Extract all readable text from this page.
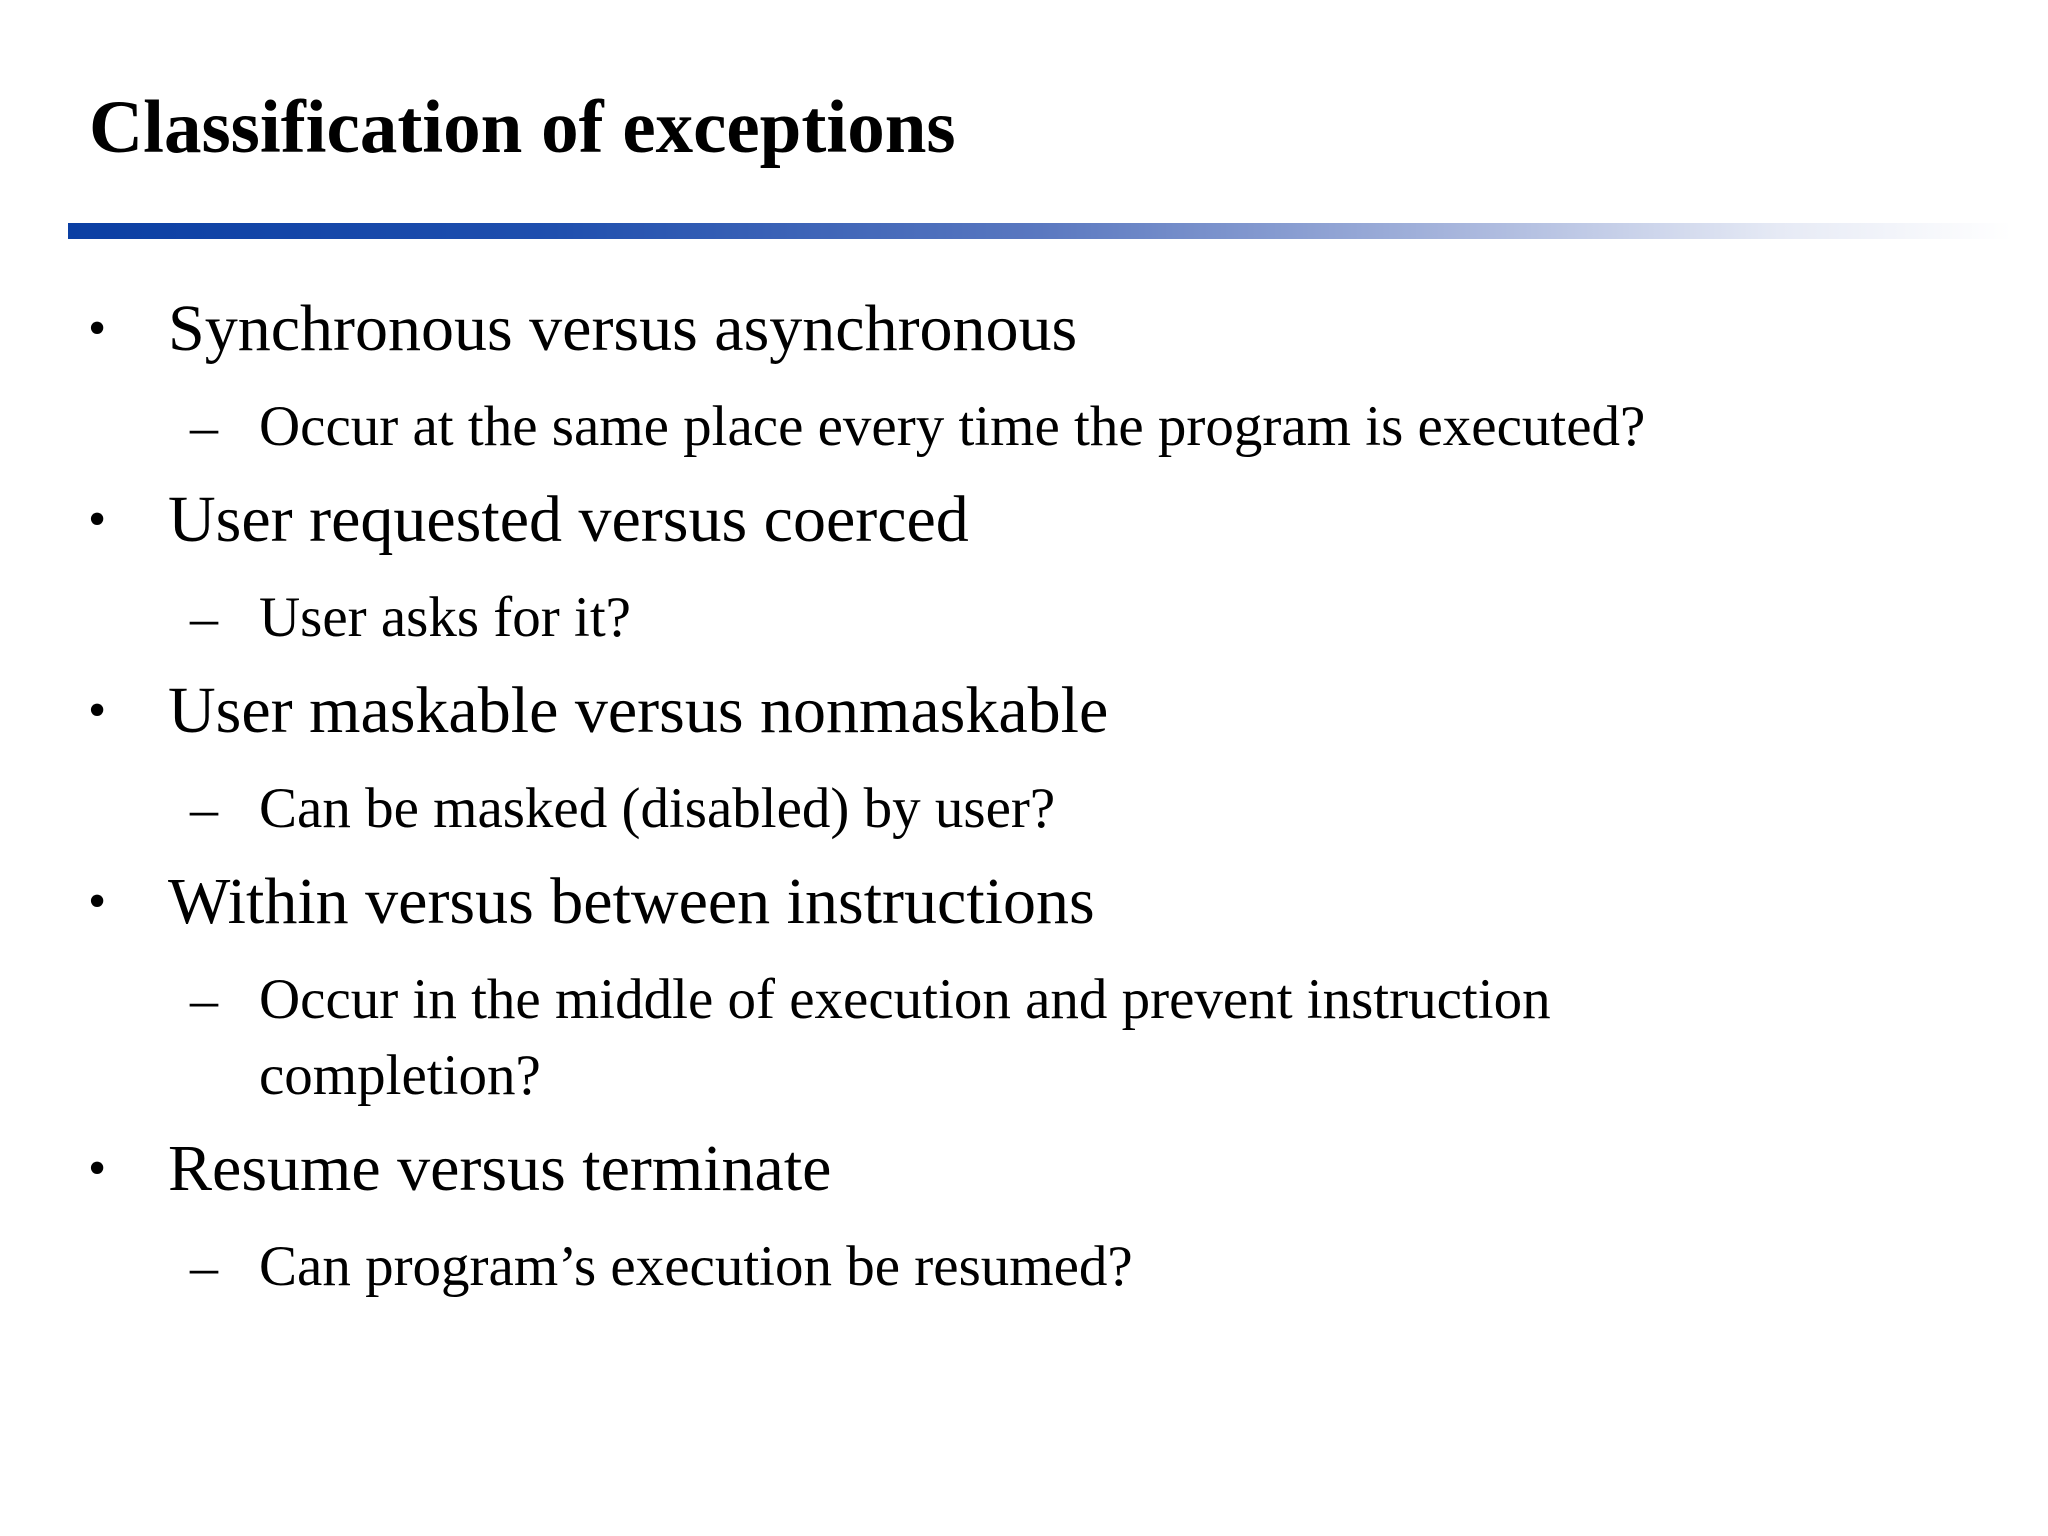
Classification of exceptions
• Synchronous versus asynchronous
– Occur at the same place every time the program is executed?
• User requested versus coerced
– User asks for it?
• User maskable versus nonmaskable
– Can be masked (disabled) by user?
• Within versus between instructions
– Occur in the middle of execution and prevent instruction
completion?
• Resume versus terminate
– Can program’s execution be resumed?
